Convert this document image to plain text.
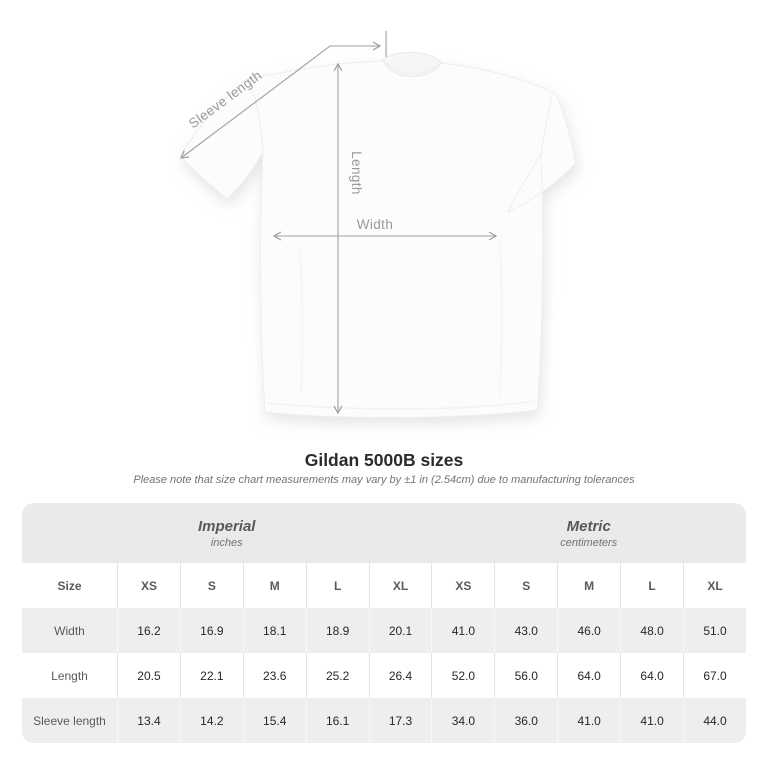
Sleeve length
Length
Width
Gildan 5000B sizes
Please note that size chart measurements may vary by ±1 in (2.54cm) due to manufacturing tolerances
Imperial
inches

Metric
centimeters

Size	XS	S	M	L	XL	XS	S	M	L	XL
Width	16.2	16.9	18.1	18.9	20.1	41.0	43.0	46.0	48.0	51.0
Length	20.5	22.1	23.6	25.2	26.4	52.0	56.0	64.0	64.0	67.0
Sleeve length	13.4	14.2	15.4	16.1	17.3	34.0	36.0	41.0	41.0	44.0
